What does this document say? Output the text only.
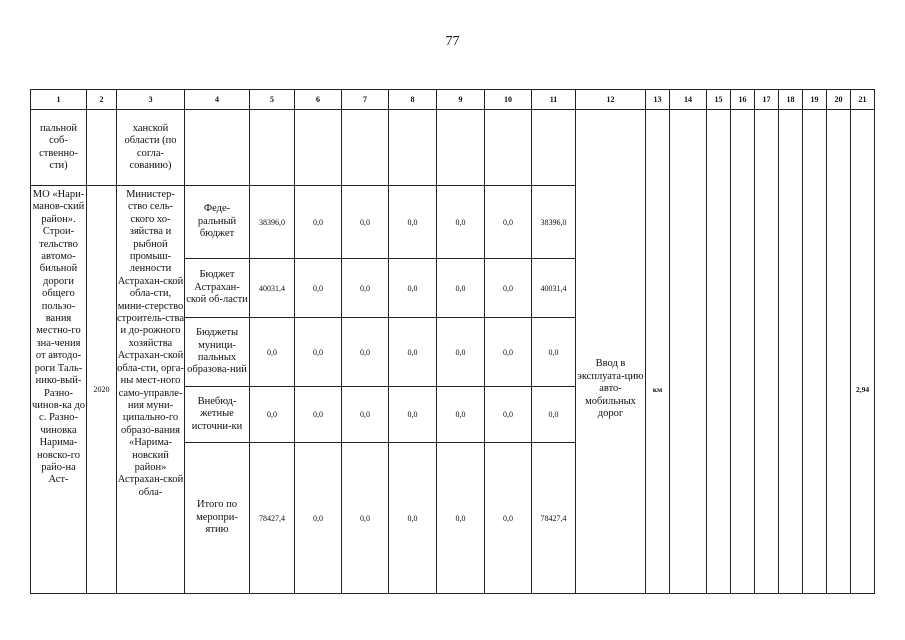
77
1	2	3	4	5	6	7	8	9	10	11	12	13	14	15	16	17	18	19	20	21

пальной соб-ственно-сти)		ханской области (по согла-сованию)																		

МО «Нари-манов-ский район». Строи-тельство автомо-бильной дороги общего пользо-вания местно-го зна-чения от автодо-роги Таль-нико-вый-Разно-чинов-ка до с. Разно-чиновка Нарима-новско-го райо-на Аст-	2020	Министер-ство сель-ского хо-зяйства и рыбной промыш-ленности Астрахан-ской обла-сти, мини-стерство строитель-ства и до-рожного хозяйства Астрахан-ской обла-сти, орга-ны мест-ного само-управле-ния муни-ципально-го образо-вания «Нарима-новский район» Астрахан-ской обла-	Феде-ральный бюджет	38396,0	0,0	0,0	0,0	0,0	0,0	38396,0	Ввод в эксплуата-цию авто-мобильных дорог	км								2,94

			Бюджет Астрахан-ской об-ласти	40031,4	0,0	0,0	0,0	0,0	0,0	40031,4										

			Бюджеты муници-пальных образова-ний	0,0	0,0	0,0	0,0	0,0	0,0	0,0										

			Внебюд-жетные источни-ки	0,0	0,0	0,0	0,0	0,0	0,0	0,0										

			Итого по меропри-ятию	78427,4	0,0	0,0	0,0	0,0	0,0	78427,4										
